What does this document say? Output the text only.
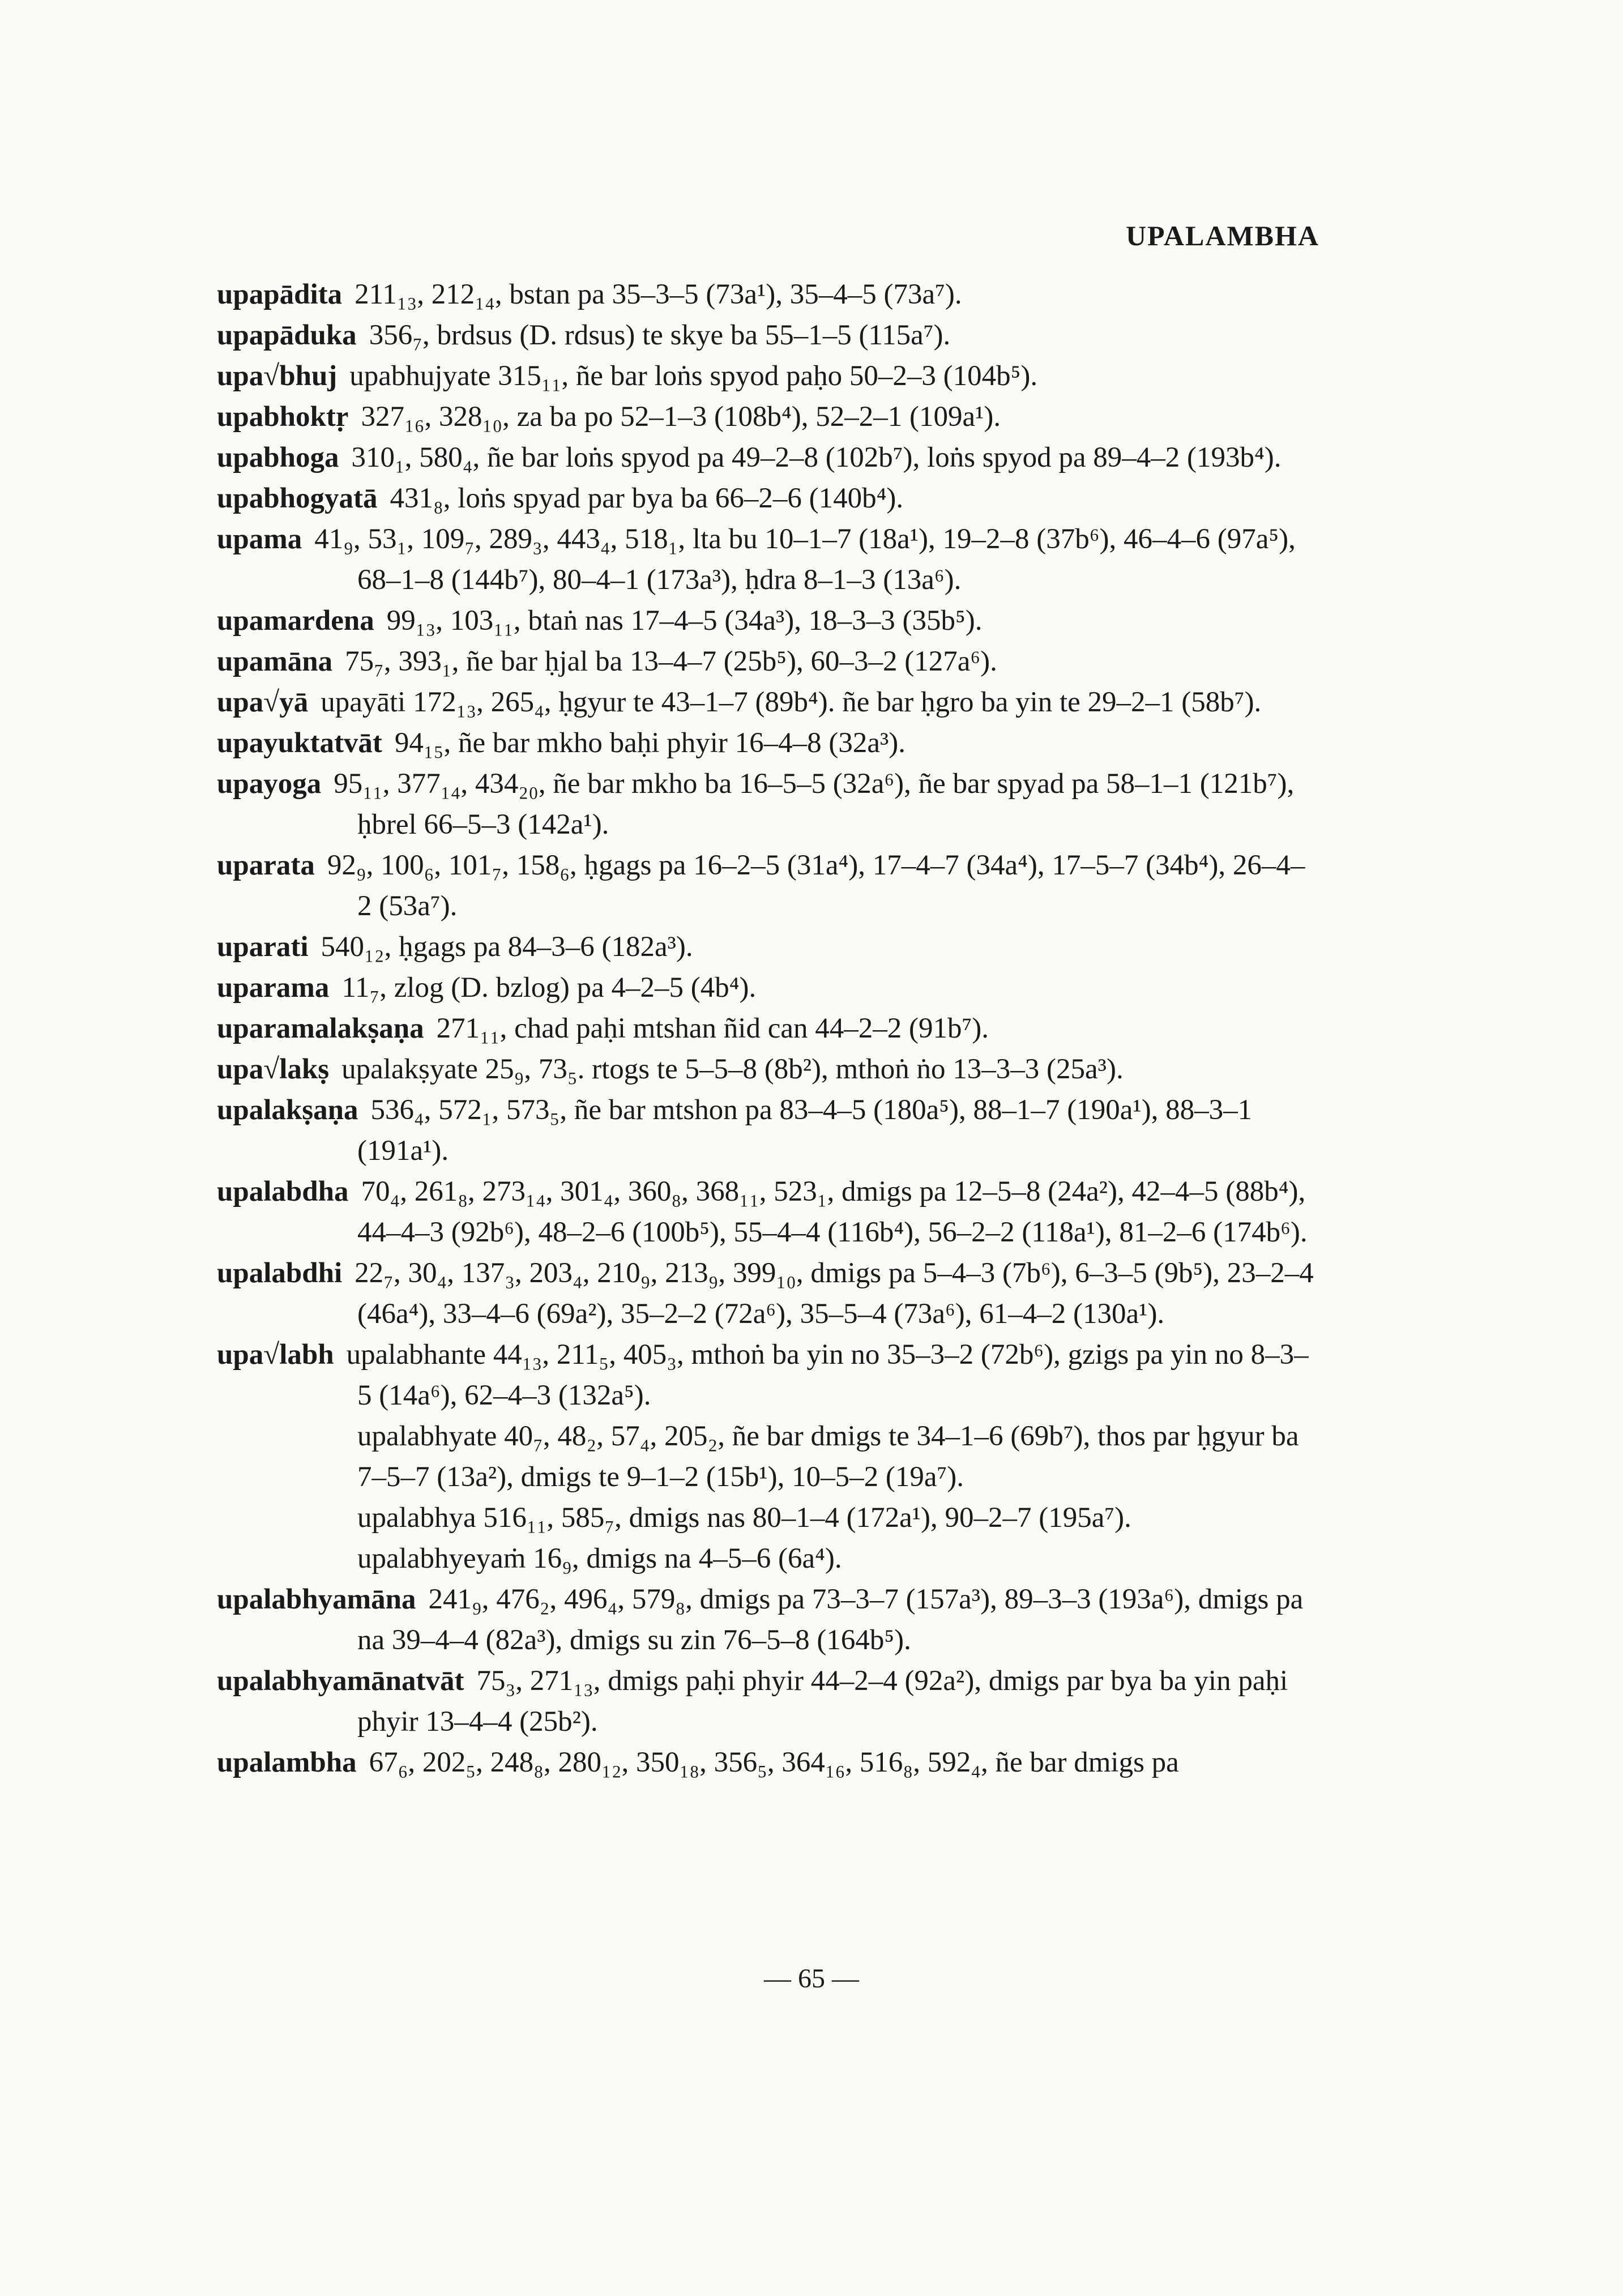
UPALAMBHA

upapādita 211₁₃, 212₁₄, bstan pa 35–3–5 (73a¹), 35–4–5 (73a⁷).

upapāduka 356₇, brdsus (D. rdsus) te skye ba 55–1–5 (115a⁷).

upa√bhuj upabhujyate 315₁₁, ñe bar loṅs spyod paḥo 50–2–3 (104b⁵).

upabhoktṛ 327₁₆, 328₁₀, za ba po 52–1–3 (108b⁴), 52–2–1 (109a¹).

upabhoga 310₁, 580₄, ñe bar loṅs spyod pa 49–2–8 (102b⁷), loṅs spyod pa 89–4–2 (193b⁴).

upabhogyatā 431₈, loṅs spyad par bya ba 66–2–6 (140b⁴).

upama 41₉, 53₁, 109₇, 289₃, 443₄, 518₁, lta bu 10–1–7 (18a¹), 19–2–8 (37b⁶), 46–4–6 (97a⁵), 68–1–8 (144b⁷), 80–4–1 (173a³), ḥdra 8–1–3 (13a⁶).

upamardena 99₁₃, 103₁₁, btaṅ nas 17–4–5 (34a³), 18–3–3 (35b⁵).

upamāna 75₇, 393₁, ñe bar ḥjal ba 13–4–7 (25b⁵), 60–3–2 (127a⁶).

upa√yā upayāti 172₁₃, 265₄, ḥgyur te 43–1–7 (89b⁴). ñe bar ḥgro ba yin te 29–2–1 (58b⁷).

upayuktatvāt 94₁₅, ñe bar mkho baḥi phyir 16–4–8 (32a³).

upayoga 95₁₁, 377₁₄, 434₂₀, ñe bar mkho ba 16–5–5 (32a⁶), ñe bar spyad pa 58–1–1 (121b⁷), ḥbrel 66–5–3 (142a¹).

uparata 92₉, 100₆, 101₇, 158₆, ḥgags pa 16–2–5 (31a⁴), 17–4–7 (34a⁴), 17–5–7 (34b⁴), 26–4–2 (53a⁷).

uparati 540₁₂, ḥgags pa 84–3–6 (182a³).

uparama 11₇, zlog (D. bzlog) pa 4–2–5 (4b⁴).

uparamalakṣaṇa 271₁₁, chad paḥi mtshan ñid can 44–2–2 (91b⁷).

upa√lakṣ upalakṣyate 25₉, 73₅. rtogs te 5–5–8 (8b²), mthoṅ ṅo 13–3–3 (25a³).

upalakṣaṇa 536₄, 572₁, 573₅, ñe bar mtshon pa 83–4–5 (180a⁵), 88–1–7 (190a¹), 88–3–1 (191a¹).

upalabdha 70₄, 261₈, 273₁₄, 301₄, 360₈, 368₁₁, 523₁, dmigs pa 12–5–8 (24a²), 42–4–5 (88b⁴), 44–4–3 (92b⁶), 48–2–6 (100b⁵), 55–4–4 (116b⁴), 56–2–2 (118a¹), 81–2–6 (174b⁶).

upalabdhi 22₇, 30₄, 137₃, 203₄, 210₉, 213₉, 399₁₀, dmigs pa 5–4–3 (7b⁶), 6–3–5 (9b⁵), 23–2–4 (46a⁴), 33–4–6 (69a²), 35–2–2 (72a⁶), 35–5–4 (73a⁶), 61–4–2 (130a¹).

upa√labh upalabhante 44₁₃, 211₅, 405₃, mthoṅ ba yin no 35–3–2 (72b⁶), gzigs pa yin no 8–3–5 (14a⁶), 62–4–3 (132a⁵).

upalabhyate 40₇, 48₂, 57₄, 205₂, ñe bar dmigs te 34–1–6 (69b⁷), thos par ḥgyur ba 7–5–7 (13a²), dmigs te 9–1–2 (15b¹), 10–5–2 (19a⁷).

upalabhya 516₁₁, 585₇, dmigs nas 80–1–4 (172a¹), 90–2–7 (195a⁷).

upalabhyeyaṁ 16₉, dmigs na 4–5–6 (6a⁴).

upalabhyamāna 241₉, 476₂, 496₄, 579₈, dmigs pa 73–3–7 (157a³), 89–3–3 (193a⁶), dmigs pa na 39–4–4 (82a³), dmigs su zin 76–5–8 (164b⁵).

upalabhyamānatvāt 75₃, 271₁₃, dmigs paḥi phyir 44–2–4 (92a²), dmigs par bya ba yin paḥi phyir 13–4–4 (25b²).

upalambha 67₆, 202₅, 248₈, 280₁₂, 350₁₈, 356₅, 364₁₆, 516₈, 592₄, ñe bar dmigs pa

— 65 —
